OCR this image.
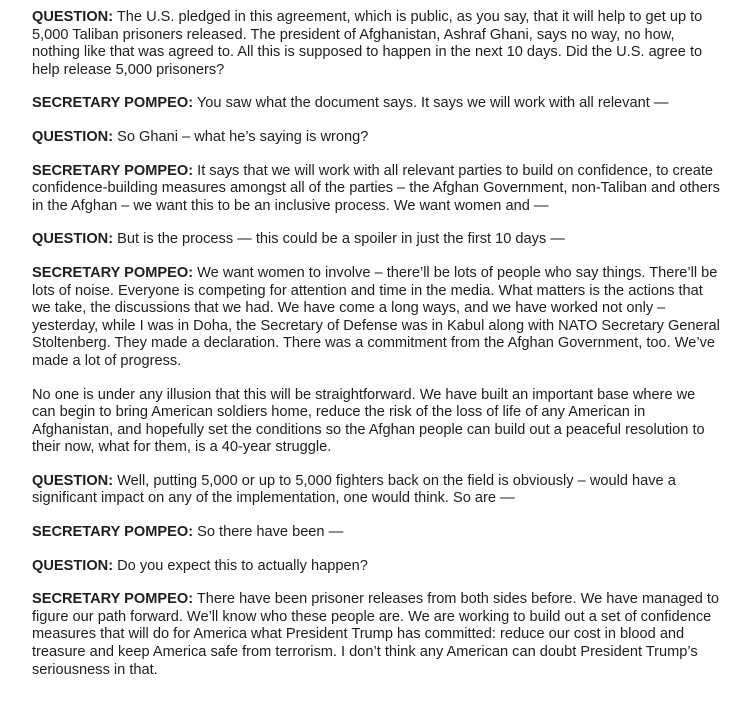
QUESTION: The U.S. pledged in this agreement, which is public, as you say, that it will help to get up to 5,000 Taliban prisoners released. The president of Afghanistan, Ashraf Ghani, says no way, no how, nothing like that was agreed to. All this is supposed to happen in the next 10 days. Did the U.S. agree to help release 5,000 prisoners?

SECRETARY POMPEO: You saw what the document says. It says we will work with all relevant —

QUESTION: So Ghani – what he’s saying is wrong?

SECRETARY POMPEO: It says that we will work with all relevant parties to build on confidence, to create confidence-building measures amongst all of the parties – the Afghan Government, non-Taliban and others in the Afghan – we want this to be an inclusive process. We want women and —

QUESTION: But is the process — this could be a spoiler in just the first 10 days —

SECRETARY POMPEO: We want women to involve – there’ll be lots of people who say things. There’ll be lots of noise. Everyone is competing for attention and time in the media. What matters is the actions that we take, the discussions that we had. We have come a long ways, and we have worked not only – yesterday, while I was in Doha, the Secretary of Defense was in Kabul along with NATO Secretary General Stoltenberg. They made a declaration. There was a commitment from the Afghan Government, too. We’ve made a lot of progress.

No one is under any illusion that this will be straightforward. We have built an important base where we can begin to bring American soldiers home, reduce the risk of the loss of life of any American in Afghanistan, and hopefully set the conditions so the Afghan people can build out a peaceful resolution to their now, what for them, is a 40-year struggle.

QUESTION: Well, putting 5,000 or up to 5,000 fighters back on the field is obviously – would have a significant impact on any of the implementation, one would think. So are —

SECRETARY POMPEO: So there have been —

QUESTION: Do you expect this to actually happen?

SECRETARY POMPEO: There have been prisoner releases from both sides before. We have managed to figure our path forward. We’ll know who these people are. We are working to build out a set of confidence measures that will do for America what President Trump has committed: reduce our cost in blood and treasure and keep America safe from terrorism. I don’t think any American can doubt President Trump’s seriousness in that.
